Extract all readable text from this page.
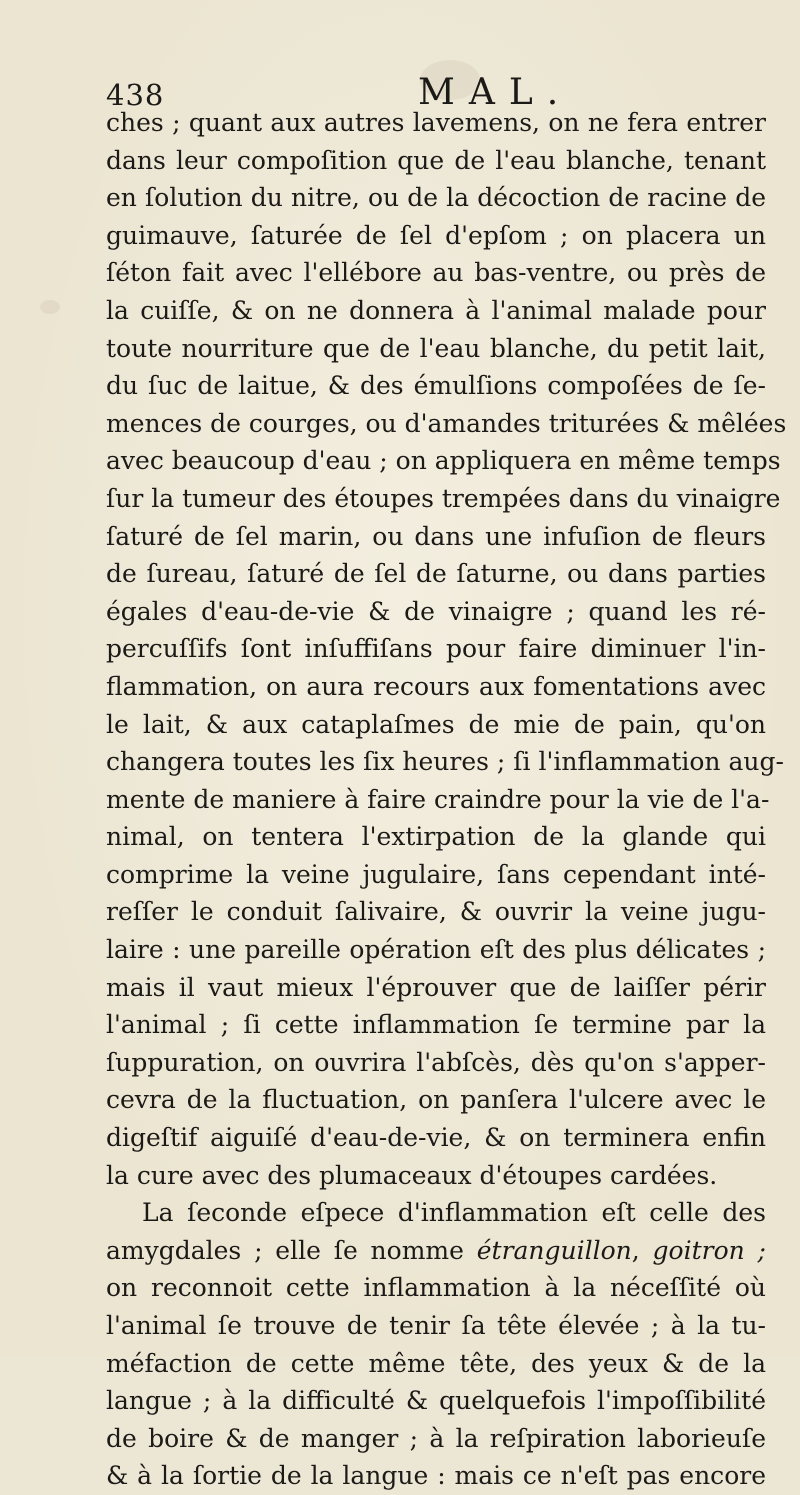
438	MAL.
ches ; quant aux autres lavemens, on ne fera entrer
dans leur compoſition que de l'eau blanche, tenant
en ſolution du nitre, ou de la décoction de racine de
guimauve, ſaturée de ſel d'epſom ; on placera un
ſéton fait avec l'ellébore au bas-ventre, ou près de
la cuiſſe, & on ne donnera à l'animal malade pour
toute nourriture que de l'eau blanche, du petit lait,
du ſuc de laitue, & des émulſions compoſées de ſe-
mences de courges, ou d'amandes triturées & mêlées
avec beaucoup d'eau ; on appliquera en même temps
ſur la tumeur des étoupes trempées dans du vinaigre
ſaturé de ſel marin, ou dans une infuſion de fleurs
de ſureau, ſaturé de ſel de ſaturne, ou dans parties
égales d'eau-de-vie & de vinaigre ; quand les ré-
percuſſifs ſont inſuffiſans pour faire diminuer l'in-
flammation, on aura recours aux fomentations avec
le lait, & aux cataplaſmes de mie de pain, qu'on
changera toutes les ſix heures ; ſi l'inflammation aug-
mente de maniere à faire craindre pour la vie de l'a-
nimal, on tentera l'extirpation de la glande qui
comprime la veine jugulaire, ſans cependant inté-
reſſer le conduit ſalivaire, & ouvrir la veine jugu-
laire : une pareille opération eſt des plus délicates ;
mais il vaut mieux l'éprouver que de laiſſer périr
l'animal ; ſi cette inflammation ſe termine par la
ſuppuration, on ouvrira l'abſcès, dès qu'on s'apper-
cevra de la fluctuation, on panſera l'ulcere avec le
digeſtif aiguiſé d'eau-de-vie, & on terminera enfin
la cure avec des plumaceaux d'étoupes cardées.
La ſeconde eſpece d'inflammation eſt celle des
amygdales ; elle ſe nomme étranguillon, goitron ;
on reconnoit cette inflammation à la néceſſité où
l'animal ſe trouve de tenir ſa tête élevée ; à la tu-
méfaction de cette même tête, des yeux & de la
langue ; à la difficulté & quelquefois l'impoſſibilité
de boire & de manger ; à la reſpiration laborieuſe
& à la ſortie de la langue : mais ce n'eſt pas encore
